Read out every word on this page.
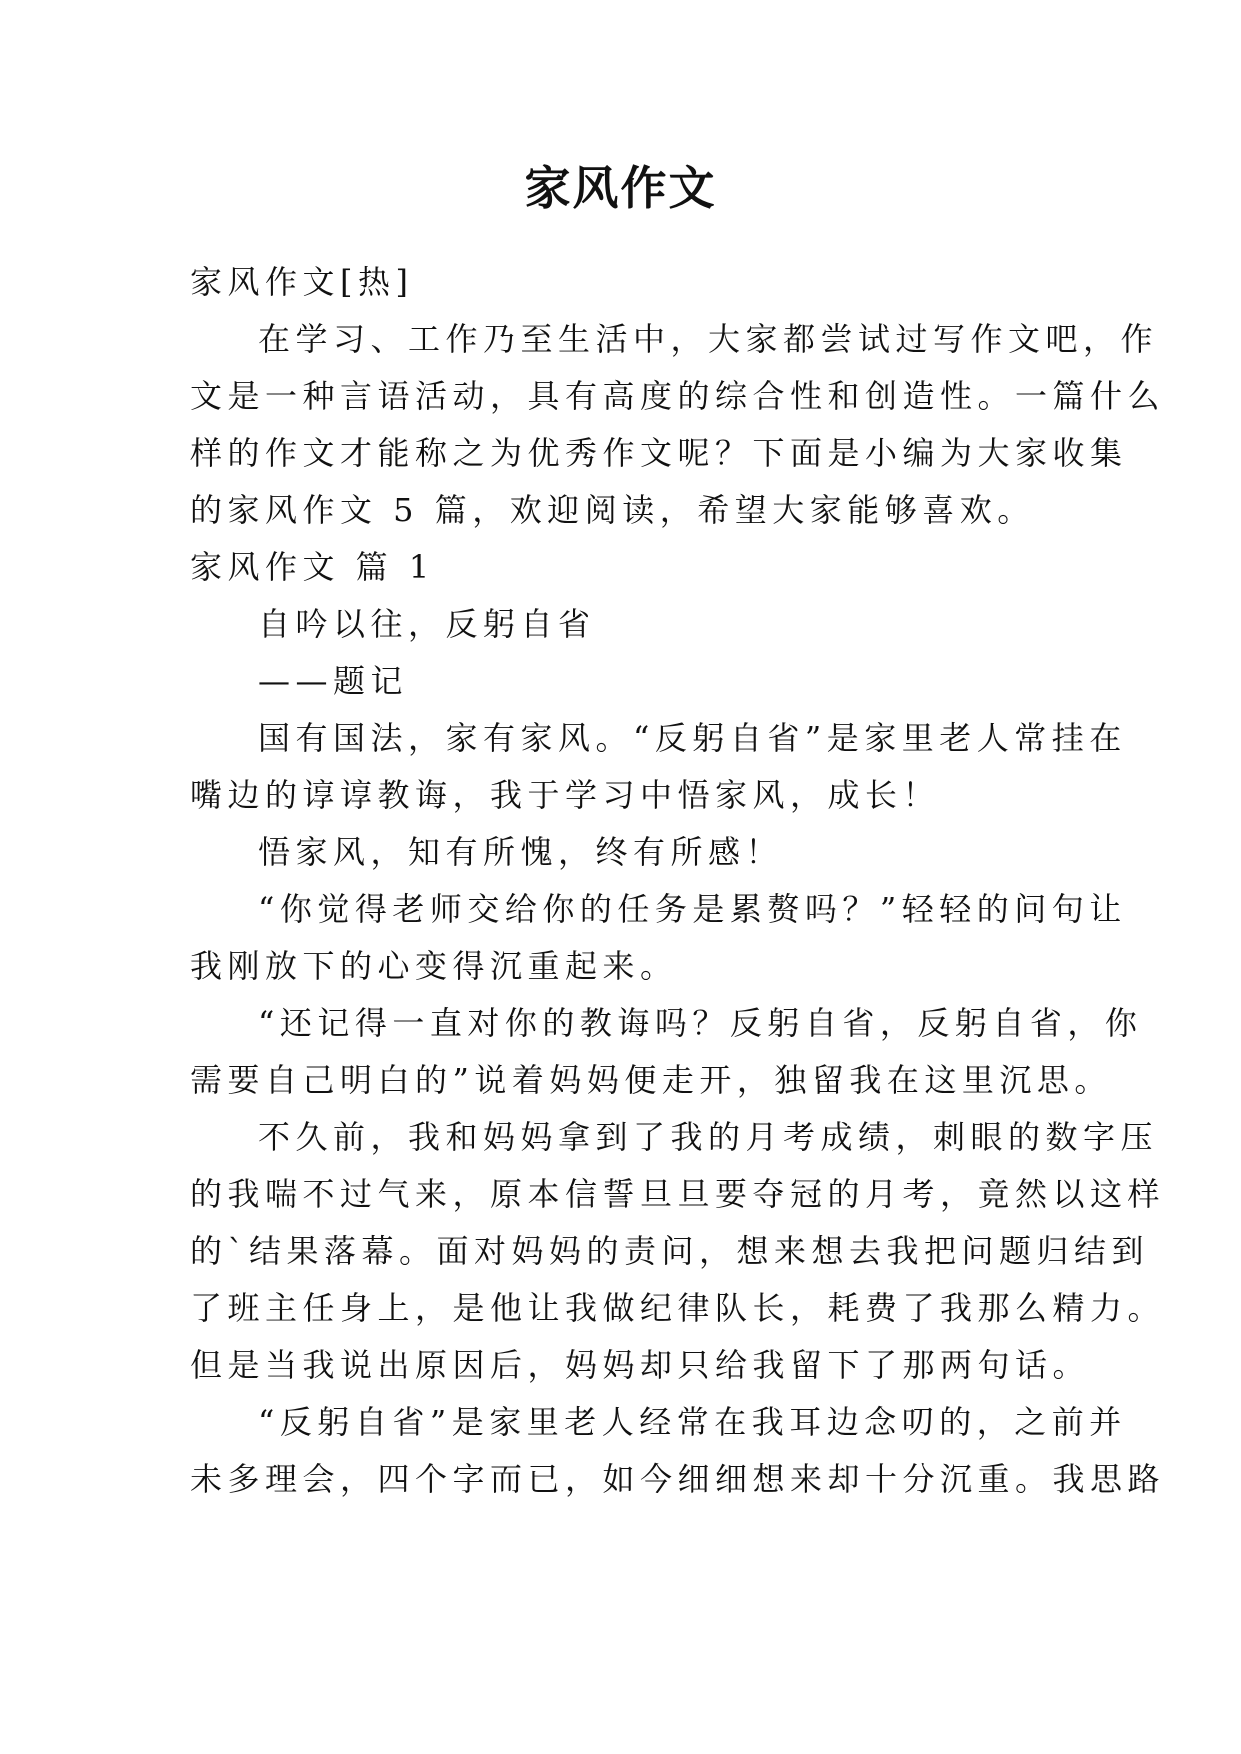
家风作文

家风作文[热]

在学习、工作乃至生活中，大家都尝试过写作文吧，作

文是一种言语活动，具有高度的综合性和创造性。一篇什么

样的作文才能称之为优秀作文呢？下面是小编为大家收集

的家风作文 5 篇，欢迎阅读，希望大家能够喜欢。

家风作文 篇 1

自吟以往，反躬自省

——题记

国有国法，家有家风。“反躬自省”是家里老人常挂在

嘴边的谆谆教诲，我于学习中悟家风，成长！

悟家风，知有所愧，终有所感！

“你觉得老师交给你的任务是累赘吗？”轻轻的问句让

我刚放下的心变得沉重起来。

“还记得一直对你的教诲吗？反躬自省，反躬自省，你

需要自己明白的”说着妈妈便走开，独留我在这里沉思。

不久前，我和妈妈拿到了我的月考成绩，刺眼的数字压

的我喘不过气来，原本信誓旦旦要夺冠的月考，竟然以这样

的`结果落幕。面对妈妈的责问，想来想去我把问题归结到

了班主任身上，是他让我做纪律队长，耗费了我那么精力。

但是当我说出原因后，妈妈却只给我留下了那两句话。

“反躬自省”是家里老人经常在我耳边念叨的，之前并

未多理会，四个字而已，如今细细想来却十分沉重。我思路
